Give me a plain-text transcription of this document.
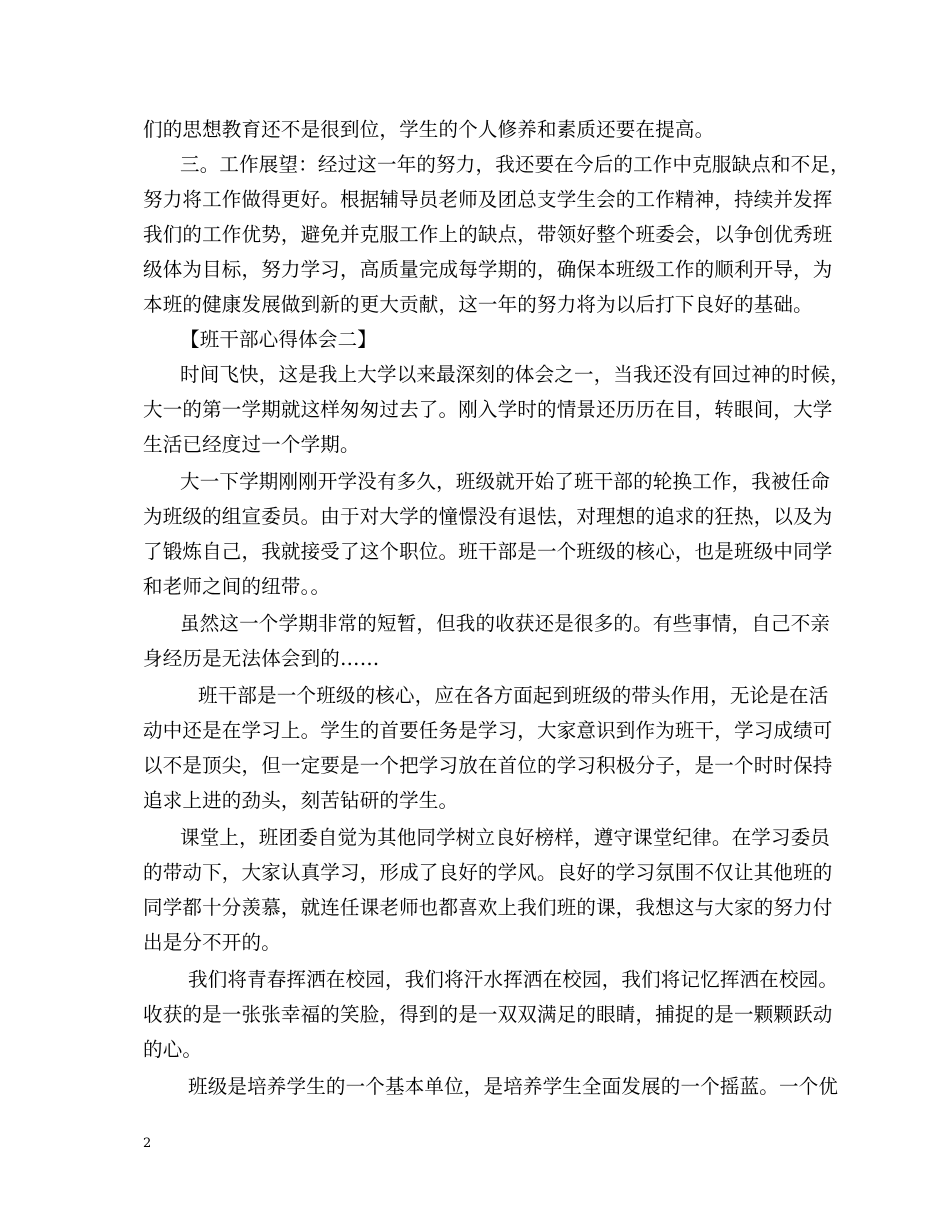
们的思想教育还不是很到位，学生的个人修养和素质还要在提高。
三。工作展望：经过这一年的努力，我还要在今后的工作中克服缺点和不足，
努力将工作做得更好。根据辅导员老师及团总支学生会的工作精神，持续并发挥
我们的工作优势，避免并克服工作上的缺点，带领好整个班委会，以争创优秀班
级体为目标，努力学习，高质量完成每学期的，确保本班级工作的顺利开导，为
本班的健康发展做到新的更大贡献，这一年的努力将为以后打下良好的基础。
【班干部心得体会二】
时间飞快，这是我上大学以来最深刻的体会之一，当我还没有回过神的时候，
大一的第一学期就这样匆匆过去了。刚入学时的情景还历历在目，转眼间，大学
生活已经度过一个学期。
大一下学期刚刚开学没有多久，班级就开始了班干部的轮换工作，我被任命
为班级的组宣委员。由于对大学的憧憬没有退怯，对理想的追求的狂热，以及为
了锻炼自己，我就接受了这个职位。班干部是一个班级的核心，也是班级中同学
和老师之间的纽带。。
虽然这一个学期非常的短暂，但我的收获还是很多的。有些事情，自己不亲
身经历是无法体会到的……
班干部是一个班级的核心，应在各方面起到班级的带头作用，无论是在活
动中还是在学习上。学生的首要任务是学习，大家意识到作为班干，学习成绩可
以不是顶尖，但一定要是一个把学习放在首位的学习积极分子，是一个时时保持
追求上进的劲头，刻苦钻研的学生。
课堂上，班团委自觉为其他同学树立良好榜样，遵守课堂纪律。在学习委员
的带动下，大家认真学习，形成了良好的学风。良好的学习氛围不仅让其他班的
同学都十分羡慕，就连任课老师也都喜欢上我们班的课，我想这与大家的努力付
出是分不开的。
我们将青春挥洒在校园，我们将汗水挥洒在校园，我们将记忆挥洒在校园。
收获的是一张张幸福的笑脸，得到的是一双双满足的眼睛，捕捉的是一颗颗跃动
的心。
班级是培养学生的一个基本单位，是培养学生全面发展的一个摇蓝。一个优
2
